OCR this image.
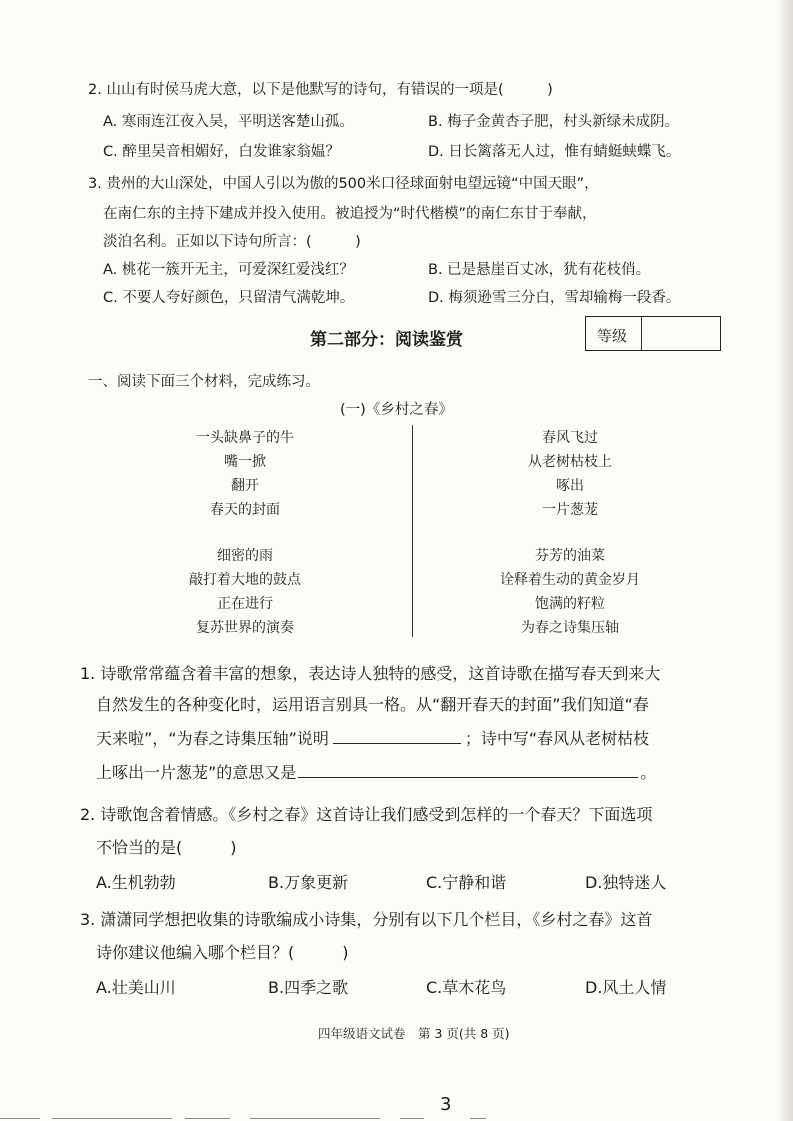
2. 山山有时侯马虎大意，以下是他默写的诗句，有错误的一项是(　　　)
A. 寒雨连江夜入吴，平明送客楚山孤。	B. 梅子金黄杏子肥，村头新绿未成阴。
C. 醉里吴音相媚好，白发谁家翁媪？	D. 日长篱落无人过，惟有蜻蜓蛱蝶飞。
3. 贵州的大山深处，中国人引以为傲的500米口径球面射电望远镜“中国天眼”，
在南仁东的主持下建成并投入使用。被追授为“时代楷模”的南仁东甘于奉献，
淡泊名利。正如以下诗句所言：(　　　)
A. 桃花一簇开无主，可爱深红爱浅红？	B. 已是悬崖百丈冰，犹有花枝俏。
C. 不要人夸好颜色，只留清气满乾坤。	D. 梅须逊雪三分白，雪却输梅一段香。
第二部分：阅读鉴赏	等级
一、阅读下面三个材料，完成练习。
(一)《乡村之春》
一头缺鼻子的牛
嘴一掀
翻开
春天的封面
细密的雨
敲打着大地的鼓点
正在进行
复苏世界的演奏
春风飞过
从老树枯枝上
啄出
一片葱茏
芬芳的油菜
诠释着生动的黄金岁月
饱满的籽粒
为春之诗集压轴
1. 诗歌常常蕴含着丰富的想象，表达诗人独特的感受，这首诗歌在描写春天到来大
自然发生的各种变化时，运用语言别具一格。从“翻开春天的封面”我们知道“春
天来啦”，“为春之诗集压轴”说明	；诗中写“春风从老树枯枝
上啄出一片葱茏”的意思又是	。
2. 诗歌饱含着情感。《乡村之春》这首诗让我们感受到怎样的一个春天？下面选项
不恰当的是(　　　)
A.生机勃勃	B.万象更新	C.宁静和谐	D.独特迷人
3. 潇潇同学想把收集的诗歌编成小诗集，分别有以下几个栏目，《乡村之春》这首
诗你建议他编入哪个栏目？(　　　)
A.壮美山川	B.四季之歌	C.草木花鸟	D.风土人情
四年级语文试卷　第 3 页(共 8 页)
3
